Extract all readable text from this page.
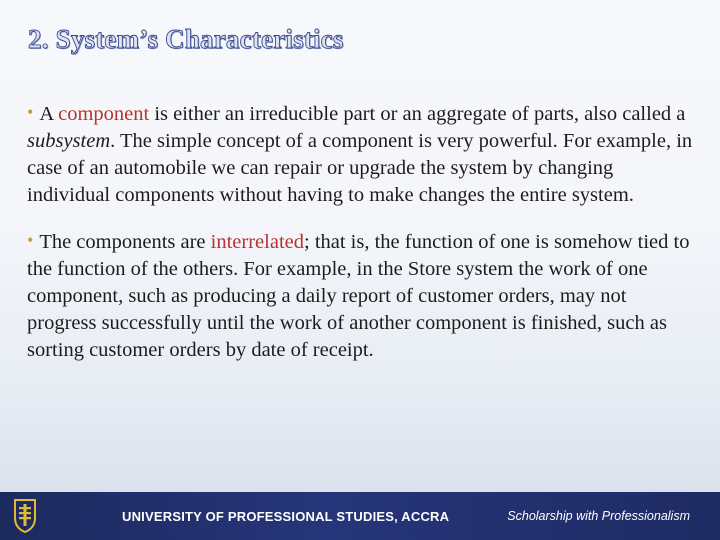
2. System’s Characteristics

• A component is either an irreducible part or an aggregate of parts, also called a subsystem. The simple concept of a component is very powerful. For example, in case of an automobile we can repair or upgrade the system by changing individual components without having to make changes the entire system.

• The components are interrelated; that is, the function of one is somehow tied to the function of the others. For example, in the Store system the work of one component, such as producing a daily report of customer orders, may not progress successfully until the work of another component is finished, such as sorting customer orders by date of receipt.

UNIVERSITY OF PROFESSIONAL STUDIES, ACCRA	Scholarship with Professionalism
